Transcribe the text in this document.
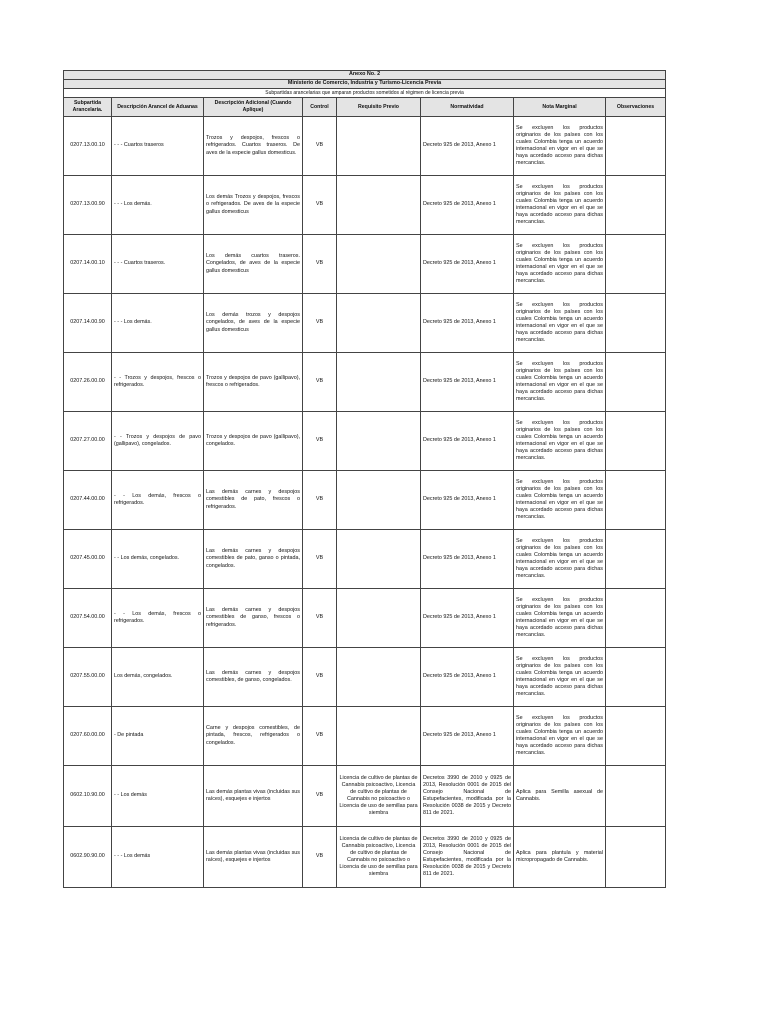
Anexo No. 2							
Ministerio de Comercio, Industria y Turismo-Licencia Previa							
Subpartidas arancelarias que amparan productos sometidos al régimen de licencia previa							
Subpartida Arancelaria.	Descripción Arancel de Aduanas	Descripción Adicional (Cuando Aplique)	Control	Requisito Previo	Normatividad	Nota Marginal	Observaciones
0207.13.00.10	- - - Cuartos traseros	Trozos y despojos, frescos o refrigerados. Cuartos traseros. De aves de la especie gallus domesticus.	VB		Decreto 925 de 2013, Anexo 1	Se excluyen los productos originarios de los países con los cuales Colombia tenga un acuerdo internacional en vigor en el que se haya acordado acceso para dichas mercancías.	
0207.13.00.90	- - - Los demás.	Los demás Trozos y despojos, frescos o refrigerados. De aves de la especie gallus domesticus	VB		Decreto 925 de 2013, Anexo 1	Se excluyen los productos originarios de los países con los cuales Colombia tenga un acuerdo internacional en vigor en el que se haya acordado acceso para dichas mercancías.	
0207.14.00.10	- - - Cuartos traseros.	Los demás cuartos traseros. Congelados, de aves de la especie gallus domesticus	VB		Decreto 925 de 2013, Anexo 1	Se excluyen los productos originarios de los países con los cuales Colombia tenga un acuerdo internacional en vigor en el que se haya acordado acceso para dichas mercancías.	
0207.14.00.90	- - - Los demás.	Los demás trozos y despojos congelados, de aves de la especie gallus domesticus	VB		Decreto 925 de 2013, Anexo 1	Se excluyen los productos originarios de los países con los cuales Colombia tenga un acuerdo internacional en vigor en el que se haya acordado acceso para dichas mercancías.	
0207.26.00.00	- - Trozos y despojos, frescos o refrigerados.	Trozos y despojos de pavo (gallipavo), frescos o refrigerados.	VB		Decreto 925 de 2013, Anexo 1	Se excluyen los productos originarios de los países con los cuales Colombia tenga un acuerdo internacional en vigor en el que se haya acordado acceso para dichas mercancías.	
0207.27.00.00	- - Trozos y despojos de pavo (gallipavo), congelados.	Trozos y despojos de pavo (gallipavo), congelados.	VB		Decreto 925 de 2013, Anexo 1	Se excluyen los productos originarios de los países con los cuales Colombia tenga un acuerdo internacional en vigor en el que se haya acordado acceso para dichas mercancías.	
0207.44.00.00	- - Los demás, frescos o refrigerados.	Las demás carnes y despojos comestibles de pato, frescos o refrigerados.	VB		Decreto 925 de 2013, Anexo 1	Se excluyen los productos originarios de los países con los cuales Colombia tenga un acuerdo internacional en vigor en el que se haya acordado acceso para dichas mercancías.	
0207.45.00.00	- - Los demás, congelados.	Las demás carnes y despojos comestibles de pato, ganso o pintada, congelados.	VB		Decreto 925 de 2013, Anexo 1	Se excluyen los productos originarios de los países con los cuales Colombia tenga un acuerdo internacional en vigor en el que se haya acordado acceso para dichas mercancías.	
0207.54.00.00	- - Los demás, frescos o refrigerados.	Las demás carnes y despojos comestibles de ganso, frescos o refrigerados.	VB		Decreto 925 de 2013, Anexo 1	Se excluyen los productos originarios de los países con los cuales Colombia tenga un acuerdo internacional en vigor en el que se haya acordado acceso para dichas mercancías.	
0207.55.00.00	Los demás, congelados.	Las demás carnes y despojos comestibles, de ganso, congelados.	VB		Decreto 925 de 2013, Anexo 1	Se excluyen los productos originarios de los países con los cuales Colombia tenga un acuerdo internacional en vigor en el que se haya acordado acceso para dichas mercancías.	
0207.60.00.00	- De pintada	Carne y despojos comestibles, de pintada, frescos, refrigerados o congelados.	VB		Decreto 925 de 2013, Anexo 1	Se excluyen los productos originarios de los países con los cuales Colombia tenga un acuerdo internacional en vigor en el que se haya acordado acceso para dichas mercancías.	
0602.10.90.00	- - Los demás	Las demás plantas vivas (incluidas sus raíces), esquejes e injertos	VB	Licencia de cultivo de plantas de Cannabis psicoactivo, Licencia de cultivo de plantas de Cannabis no psicoactivo o Licencia de uso de semillas para siembra	Decretos 3990 de 2010 y 0925 de 2013, Resolución 0001 de 2015 del Consejo Nacional de Estupefacientes, modificada por la Resolución 0038 de 2015 y Decreto 811 de 2021.	Aplica para Semilla asexual de Cannabis.	
0602.90.90.00	- - - Los demás	Las demás plantas vivas (incluidas sus raíces), esquejes e injertos	VB	Licencia de cultivo de plantas de Cannabis psicoactivo, Licencia de cultivo de plantas de Cannabis no psicoactivo o Licencia de uso de semillas para siembra	Decretos 3990 de 2010 y 0925 de 2013, Resolución 0001 de 2015 del Consejo Nacional de Estupefacientes, modificada por la Resolución 0038 de 2015 y Decreto 811 de 2021.	Aplica para plantula y material micropropagado de Cannabis.	
